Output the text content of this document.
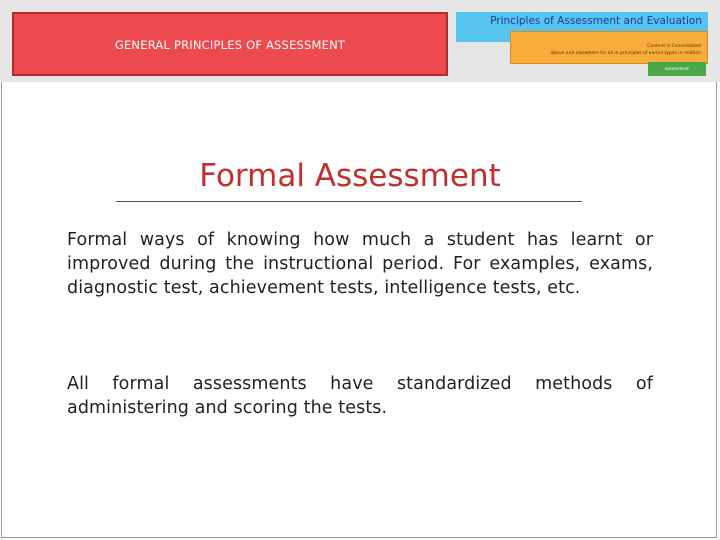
GENERAL PRINCIPLES OF ASSESSMENT
Principles of Assessment and Evaluation
Content is Consolidated
above and elsewhere for all in principles of varied types in relation
assessment
Formal Assessment
Formal ways of knowing how much a student has learnt or improved during the instructional period. For examples, exams, diagnostic test, achievement tests, intelligence tests, etc.
All formal assessments have standardized methods of administering and scoring the tests.
